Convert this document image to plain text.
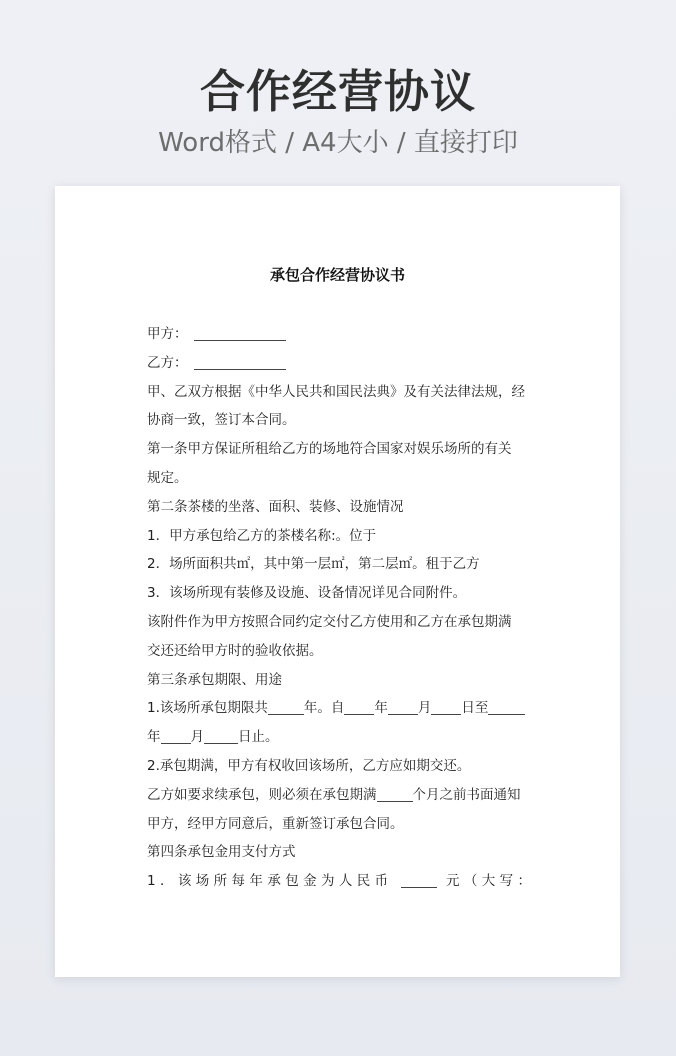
合作经营协议
Word格式 / A4大小 / 直接打印
承包合作经营协议书
甲方：
乙方：
甲、乙双方根据《中华人民共和国民法典》及有关法律法规，经
协商一致，签订本合同。
第一条甲方保证所租给乙方的场地符合国家对娱乐场所的有关
规定。
第二条茶楼的坐落、面积、装修、设施情况
1．甲方承包给乙方的茶楼名称:。位于
2．场所面积共㎡，其中第一层㎡，第二层㎡。租于乙方
3．该场所现有装修及设施、设备情况详见合同附件。
该附件作为甲方按照合同约定交付乙方使用和乙方在承包期满
交还还给甲方时的验收依据。
第三条承包期限、用途
1.该场所承包期限共	年。自 年 月 日至
年 月	日止。
2.承包期满，甲方有权收回该场所，乙方应如期交还。
乙方如要求续承包，则必须在承包期满	个月之前书面通知
甲方，经甲方同意后，重新签订承包合同。
第四条承包金用支付方式
1．该场所每年承包金为人民币	元（大写：
